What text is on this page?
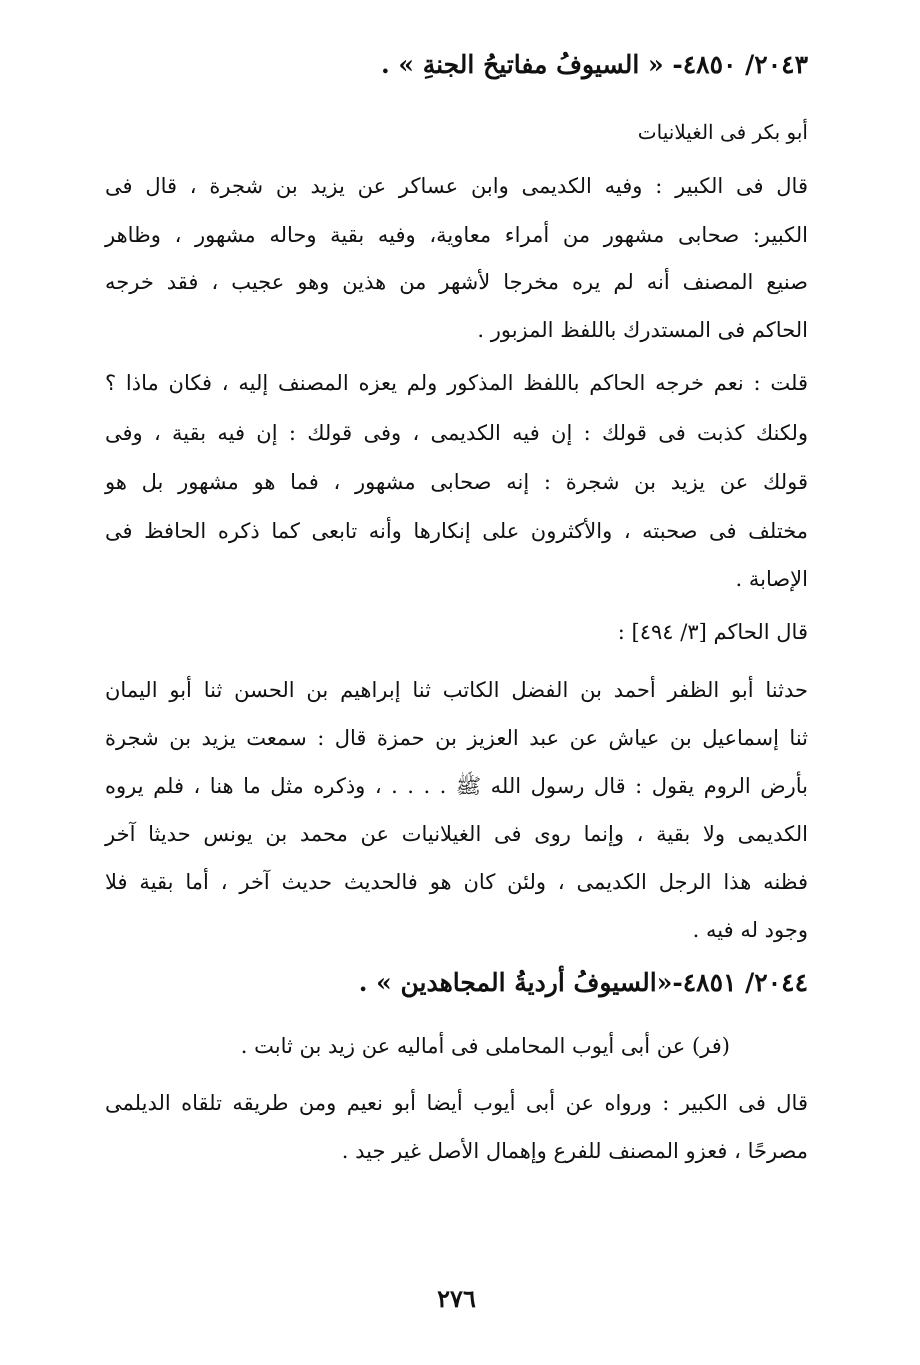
٢٠٤٣/ ٤٨٥٠- « السيوفُ مفاتيحُ الجنةِ » .
أبو بكر فى الغيلانيات
قال فى الكبير : وفيه الكديمى وابن عساكر عن يزيد بن شجرة ، قال فى
الكبير: صحابى مشهور من أمراء معاوية، وفيه بقية وحاله مشهور ، وظاهر
صنيع المصنف أنه لم يره مخرجا لأشهر من هذين وهو عجيب ، فقد خرجه
الحاكم فى المستدرك باللفظ المزبور .
قلت : نعم خرجه الحاكم باللفظ المذكور ولم يعزه المصنف إليه ، فكان ماذا ؟
ولكنك كذبت فى قولك : إن فيه الكديمى ، وفى قولك : إن فيه بقية ، وفى
قولك عن يزيد بن شجرة : إنه صحابى مشهور ، فما هو مشهور بل هو
مختلف فى صحبته ، والأكثرون على إنكارها وأنه تابعى كما ذكره الحافظ فى
الإصابة .
قال الحاكم [٣/ ٤٩٤] :
حدثنا أبو الظفر أحمد بن الفضل الكاتب ثنا إبراهيم بن الحسن ثنا أبو اليمان
ثنا إسماعيل بن عياش عن عبد العزيز بن حمزة قال : سمعت يزيد بن شجرة
بأرض الروم يقول : قال رسول الله ﷺ . . . . ، وذكره مثل ما هنا ، فلم يروه
الكديمى ولا بقية ، وإنما روى فى الغيلانيات عن محمد بن يونس حديثا آخر
فظنه هذا الرجل الكديمى ، ولئن كان هو فالحديث حديث آخر ، أما بقية فلا
وجود له فيه .
٢٠٤٤/ ٤٨٥١-«السيوفُ أرديةُ المجاهدين » .
(فر) عن أبى أيوب المحاملى فى أماليه عن زيد بن ثابت .
قال فى الكبير : ورواه عن أبى أيوب أيضا أبو نعيم ومن طريقه تلقاه الديلمى
مصرحًا ، فعزو المصنف للفرع وإهمال الأصل غير جيد .
٢٧٦
